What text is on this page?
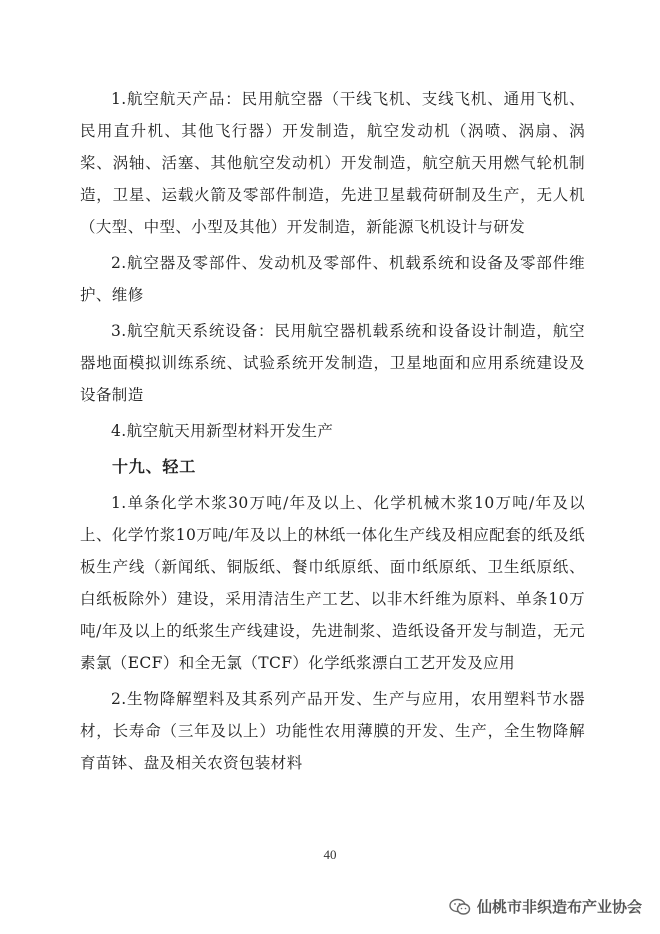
1.航空航天产品：民用航空器（干线飞机、支线飞机、通用飞机、民用直升机、其他飞行器）开发制造，航空发动机（涡喷、涡扇、涡桨、涡轴、活塞、其他航空发动机）开发制造，航空航天用燃气轮机制造，卫星、运载火箭及零部件制造，先进卫星载荷研制及生产，无人机（大型、中型、小型及其他）开发制造，新能源飞机设计与研发

2.航空器及零部件、发动机及零部件、机载系统和设备及零部件维护、维修

3.航空航天系统设备：民用航空器机载系统和设备设计制造，航空器地面模拟训练系统、试验系统开发制造，卫星地面和应用系统建设及设备制造

4.航空航天用新型材料开发生产

十九、轻工

1.单条化学木浆30万吨/年及以上、化学机械木浆10万吨/年及以上、化学竹浆10万吨/年及以上的林纸一体化生产线及相应配套的纸及纸板生产线（新闻纸、铜版纸、餐巾纸原纸、面巾纸原纸、卫生纸原纸、白纸板除外）建设，采用清洁生产工艺、以非木纤维为原料、单条10万吨/年及以上的纸浆生产线建设，先进制浆、造纸设备开发与制造，无元素氯（ECF）和全无氯（TCF）化学纸浆漂白工艺开发及应用

2.生物降解塑料及其系列产品开发、生产与应用，农用塑料节水器材，长寿命（三年及以上）功能性农用薄膜的开发、生产，全生物降解育苗钵、盘及相关农资包装材料

40
仙桃市非织造布产业协会
